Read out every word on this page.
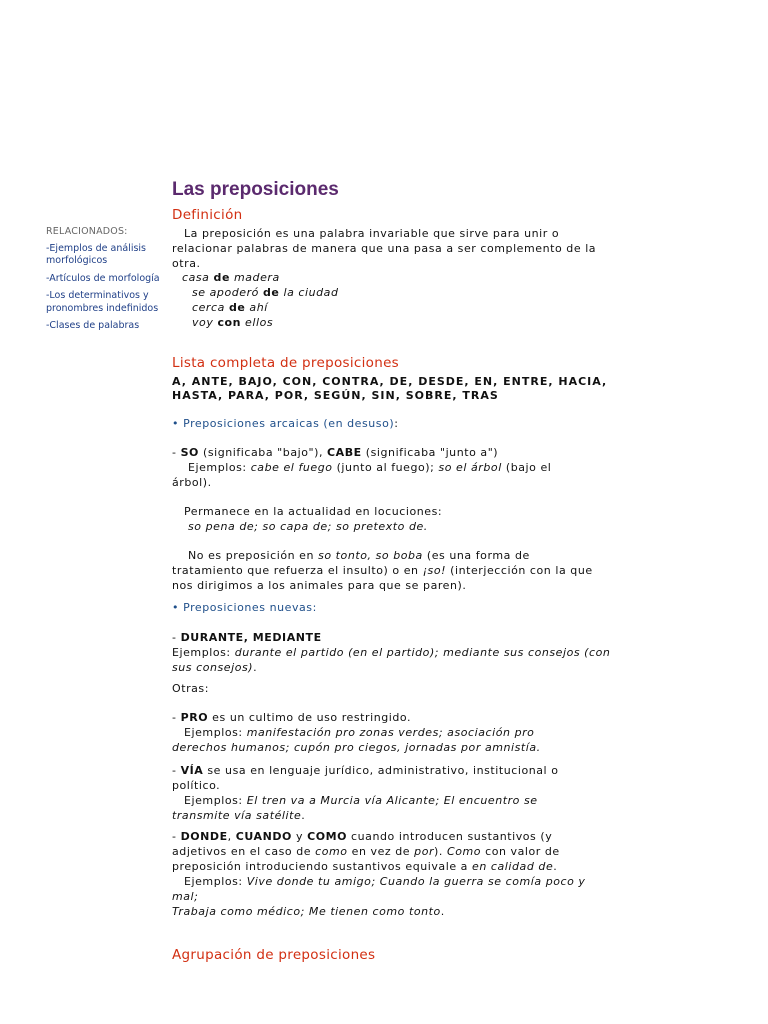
RELACIONADOS:
-Ejemplos de análisis morfológicos
-Artículos de morfología
-Los determinativos y pronombres indefinidos
-Clases de palabras
Las preposiciones
Definición

La preposición es una palabra invariable que sirve para unir o relacionar palabras de manera que una pasa a ser complemento de la otra.

casa de madera

se apoderó de la ciudad

cerca de ahí

voy con ellos

Lista completa de preposiciones

A, ANTE, BAJO, CON, CONTRA, DE, DESDE, EN, ENTRE, HACIA,

HASTA, PARA, POR, SEGÚN, SIN, SOBRE, TRAS

• Preposiciones arcaicas (en desuso):

- SO (significaba "bajo"), CABE (significaba "junto a")

Ejemplos: cabe el fuego (junto al fuego); so el árbol (bajo el árbol).

Permanece en la actualidad en locuciones:

so pena de; so capa de; so pretexto de.

No es preposición en so tonto, so boba (es una forma de tratamiento que refuerza el insulto) o en ¡so! (interjección con la que nos dirigimos a los animales para que se paren).

• Preposiciones nuevas:

- DURANTE, MEDIANTE

Ejemplos: durante el partido (en el partido); mediante sus consejos (con sus consejos).

Otras:

- PRO es un cultimo de uso restringido.

Ejemplos: manifestación pro zonas verdes; asociación pro derechos humanos; cupón pro ciegos, jornadas por amnistía.

- VÍA se usa en lenguaje jurídico, administrativo, institucional o político.

Ejemplos: El tren va a Murcia vía Alicante; El encuentro se transmite vía satélite.

- DONDE, CUANDO y COMO cuando introducen sustantivos (y adjetivos en el caso de como en vez de por). Como con valor de preposición introduciendo sustantivos equivale a en calidad de.

Ejemplos: Vive donde tu amigo; Cuando la guerra se comía poco y mal;

Trabaja como médico; Me tienen como tonto.

Agrupación de preposiciones
